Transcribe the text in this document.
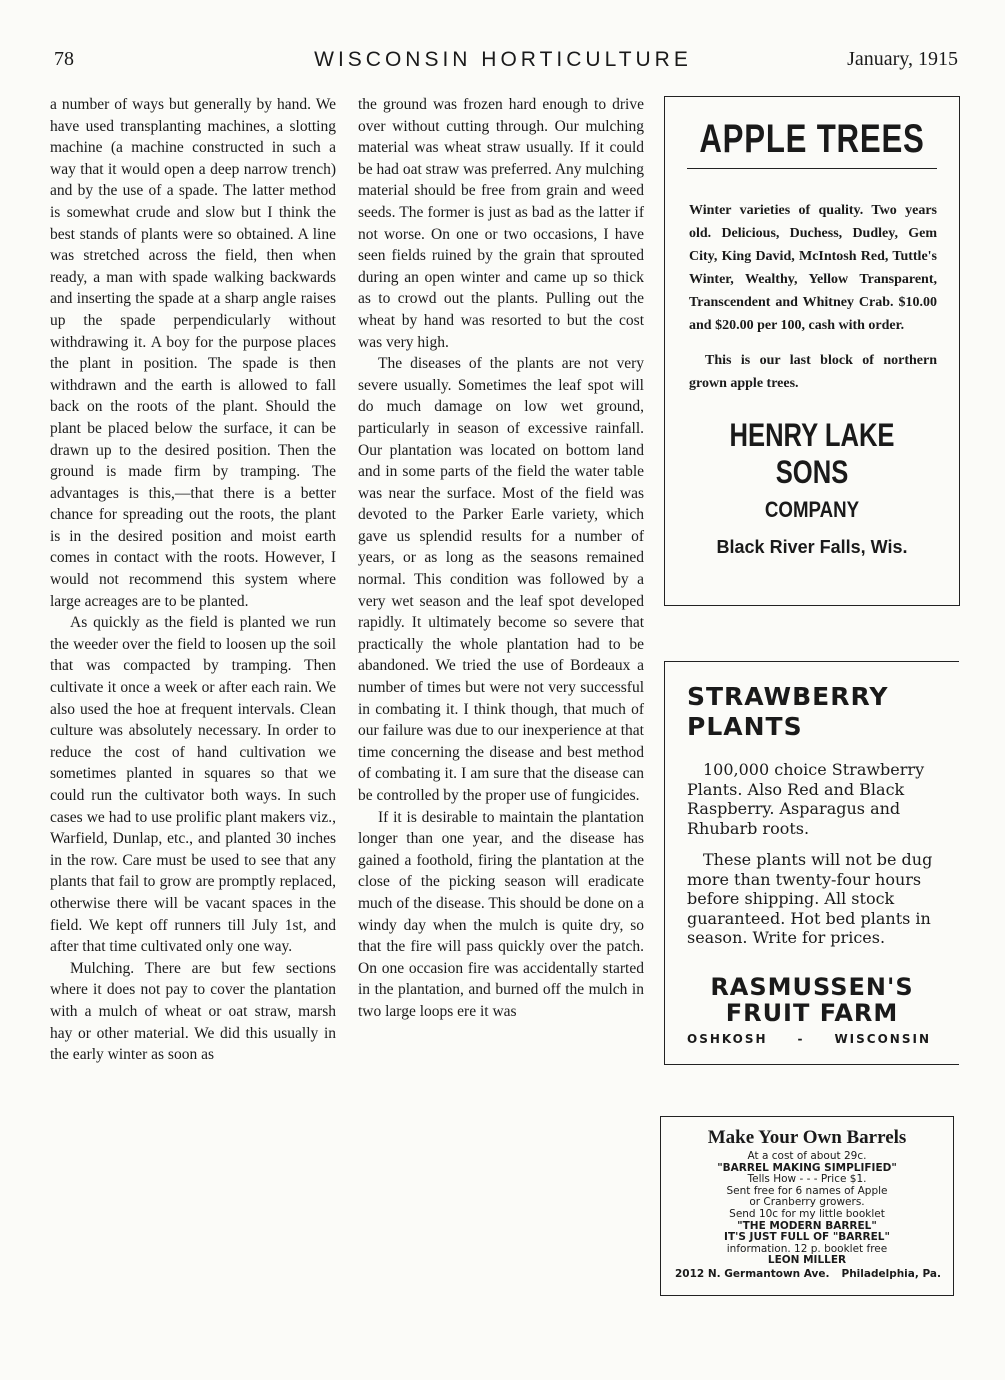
78	WISCONSIN HORTICULTURE	January, 1915

a number of ways but generally by hand. We have used transplanting machines, a slotting machine (a machine constructed in such a way that it would open a deep narrow trench) and by the use of a spade. The latter method is somewhat crude and slow but I think the best stands of plants were so obtained. A line was stretched across the field, then when ready, a man with spade walking backwards and inserting the spade at a sharp angle raises up the spade perpendicularly without withdrawing it. A boy for the purpose places the plant in position. The spade is then withdrawn and the earth is allowed to fall back on the roots of the plant. Should the plant be placed below the surface, it can be drawn up to the desired position. Then the ground is made firm by tramping. The advantages is this,—that there is a better chance for spreading out the roots, the plant is in the desired position and moist earth comes in contact with the roots. However, I would not recommend this system where large acreages are to be planted.

As quickly as the field is planted we run the weeder over the field to loosen up the soil that was compacted by tramping. Then cultivate it once a week or after each rain. We also used the hoe at frequent intervals. Clean culture was absolutely necessary. In order to reduce the cost of hand cultivation we sometimes planted in squares so that we could run the cultivator both ways. In such cases we had to use prolific plant makers viz., Warfield, Dunlap, etc., and planted 30 inches in the row. Care must be used to see that any plants that fail to grow are promptly replaced, otherwise there will be vacant spaces in the field. We kept off runners till July 1st, and after that time cultivated only one way.

Mulching. There are but few sections where it does not pay to cover the plantation with a mulch of wheat or oat straw, marsh hay or other material. We did this usually in the early winter as soon as

the ground was frozen hard enough to drive over without cutting through. Our mulching material was wheat straw usually. If it could be had oat straw was preferred. Any mulching material should be free from grain and weed seeds. The former is just as bad as the latter if not worse. On one or two occasions, I have seen fields ruined by the grain that sprouted during an open winter and came up so thick as to crowd out the plants. Pulling out the wheat by hand was resorted to but the cost was very high.

The diseases of the plants are not very severe usually. Sometimes the leaf spot will do much damage on low wet ground, particularly in season of excessive rainfall. Our plantation was located on bottom land and in some parts of the field the water table was near the surface. Most of the field was devoted to the Parker Earle variety, which gave us splendid results for a number of years, or as long as the seasons remained normal. This condition was followed by a very wet season and the leaf spot developed rapidly. It ultimately become so severe that practically the whole plantation had to be abandoned. We tried the use of Bordeaux a number of times but were not very successful in combating it. I think though, that much of our failure was due to our inexperience at that time concerning the disease and best method of combating it. I am sure that the disease can be controlled by the proper use of fungicides.

If it is desirable to maintain the plantation longer than one year, and the disease has gained a foothold, firing the plantation at the close of the picking season will eradicate much of the disease. This should be done on a windy day when the mulch is quite dry, so that the fire will pass quickly over the patch. On one occasion fire was accidentally started in the plantation, and burned off the mulch in two large loops ere it was

APPLE TREES

Winter varieties of quality. Two years old. Delicious, Duchess, Dudley, Gem City, King David, McIntosh Red, Tuttle's Winter, Wealthy, Yellow Transparent, Transcendent and Whitney Crab. $10.00 and $20.00 per 100, cash with order.

This is our last block of northern grown apple trees.

HENRY LAKE SONS
COMPANY
Black River Falls, Wis.
STRAWBERRY
PLANTS

100,000 choice Strawberry Plants. Also Red and Black Raspberry. Asparagus and Rhubarb roots.

These plants will not be dug more than twenty-four hours before shipping. All stock guaranteed. Hot bed plants in season. Write for prices.

RASMUSSEN'S
FRUIT FARM
OSHKOSH - WISCONSIN
Make Your Own Barrels
At a cost of about 29c.
"BARREL MAKING SIMPLIFIED"
Tells How - - - Price $1.
Sent free for 6 names of Apple
or Cranberry growers.
Send 10c for my little booklet
"THE MODERN BARREL"
IT'S JUST FULL OF "BARREL"
information. 12 p. booklet free
LEON MILLER
2012 N. Germantown Ave. Philadelphia, Pa.
